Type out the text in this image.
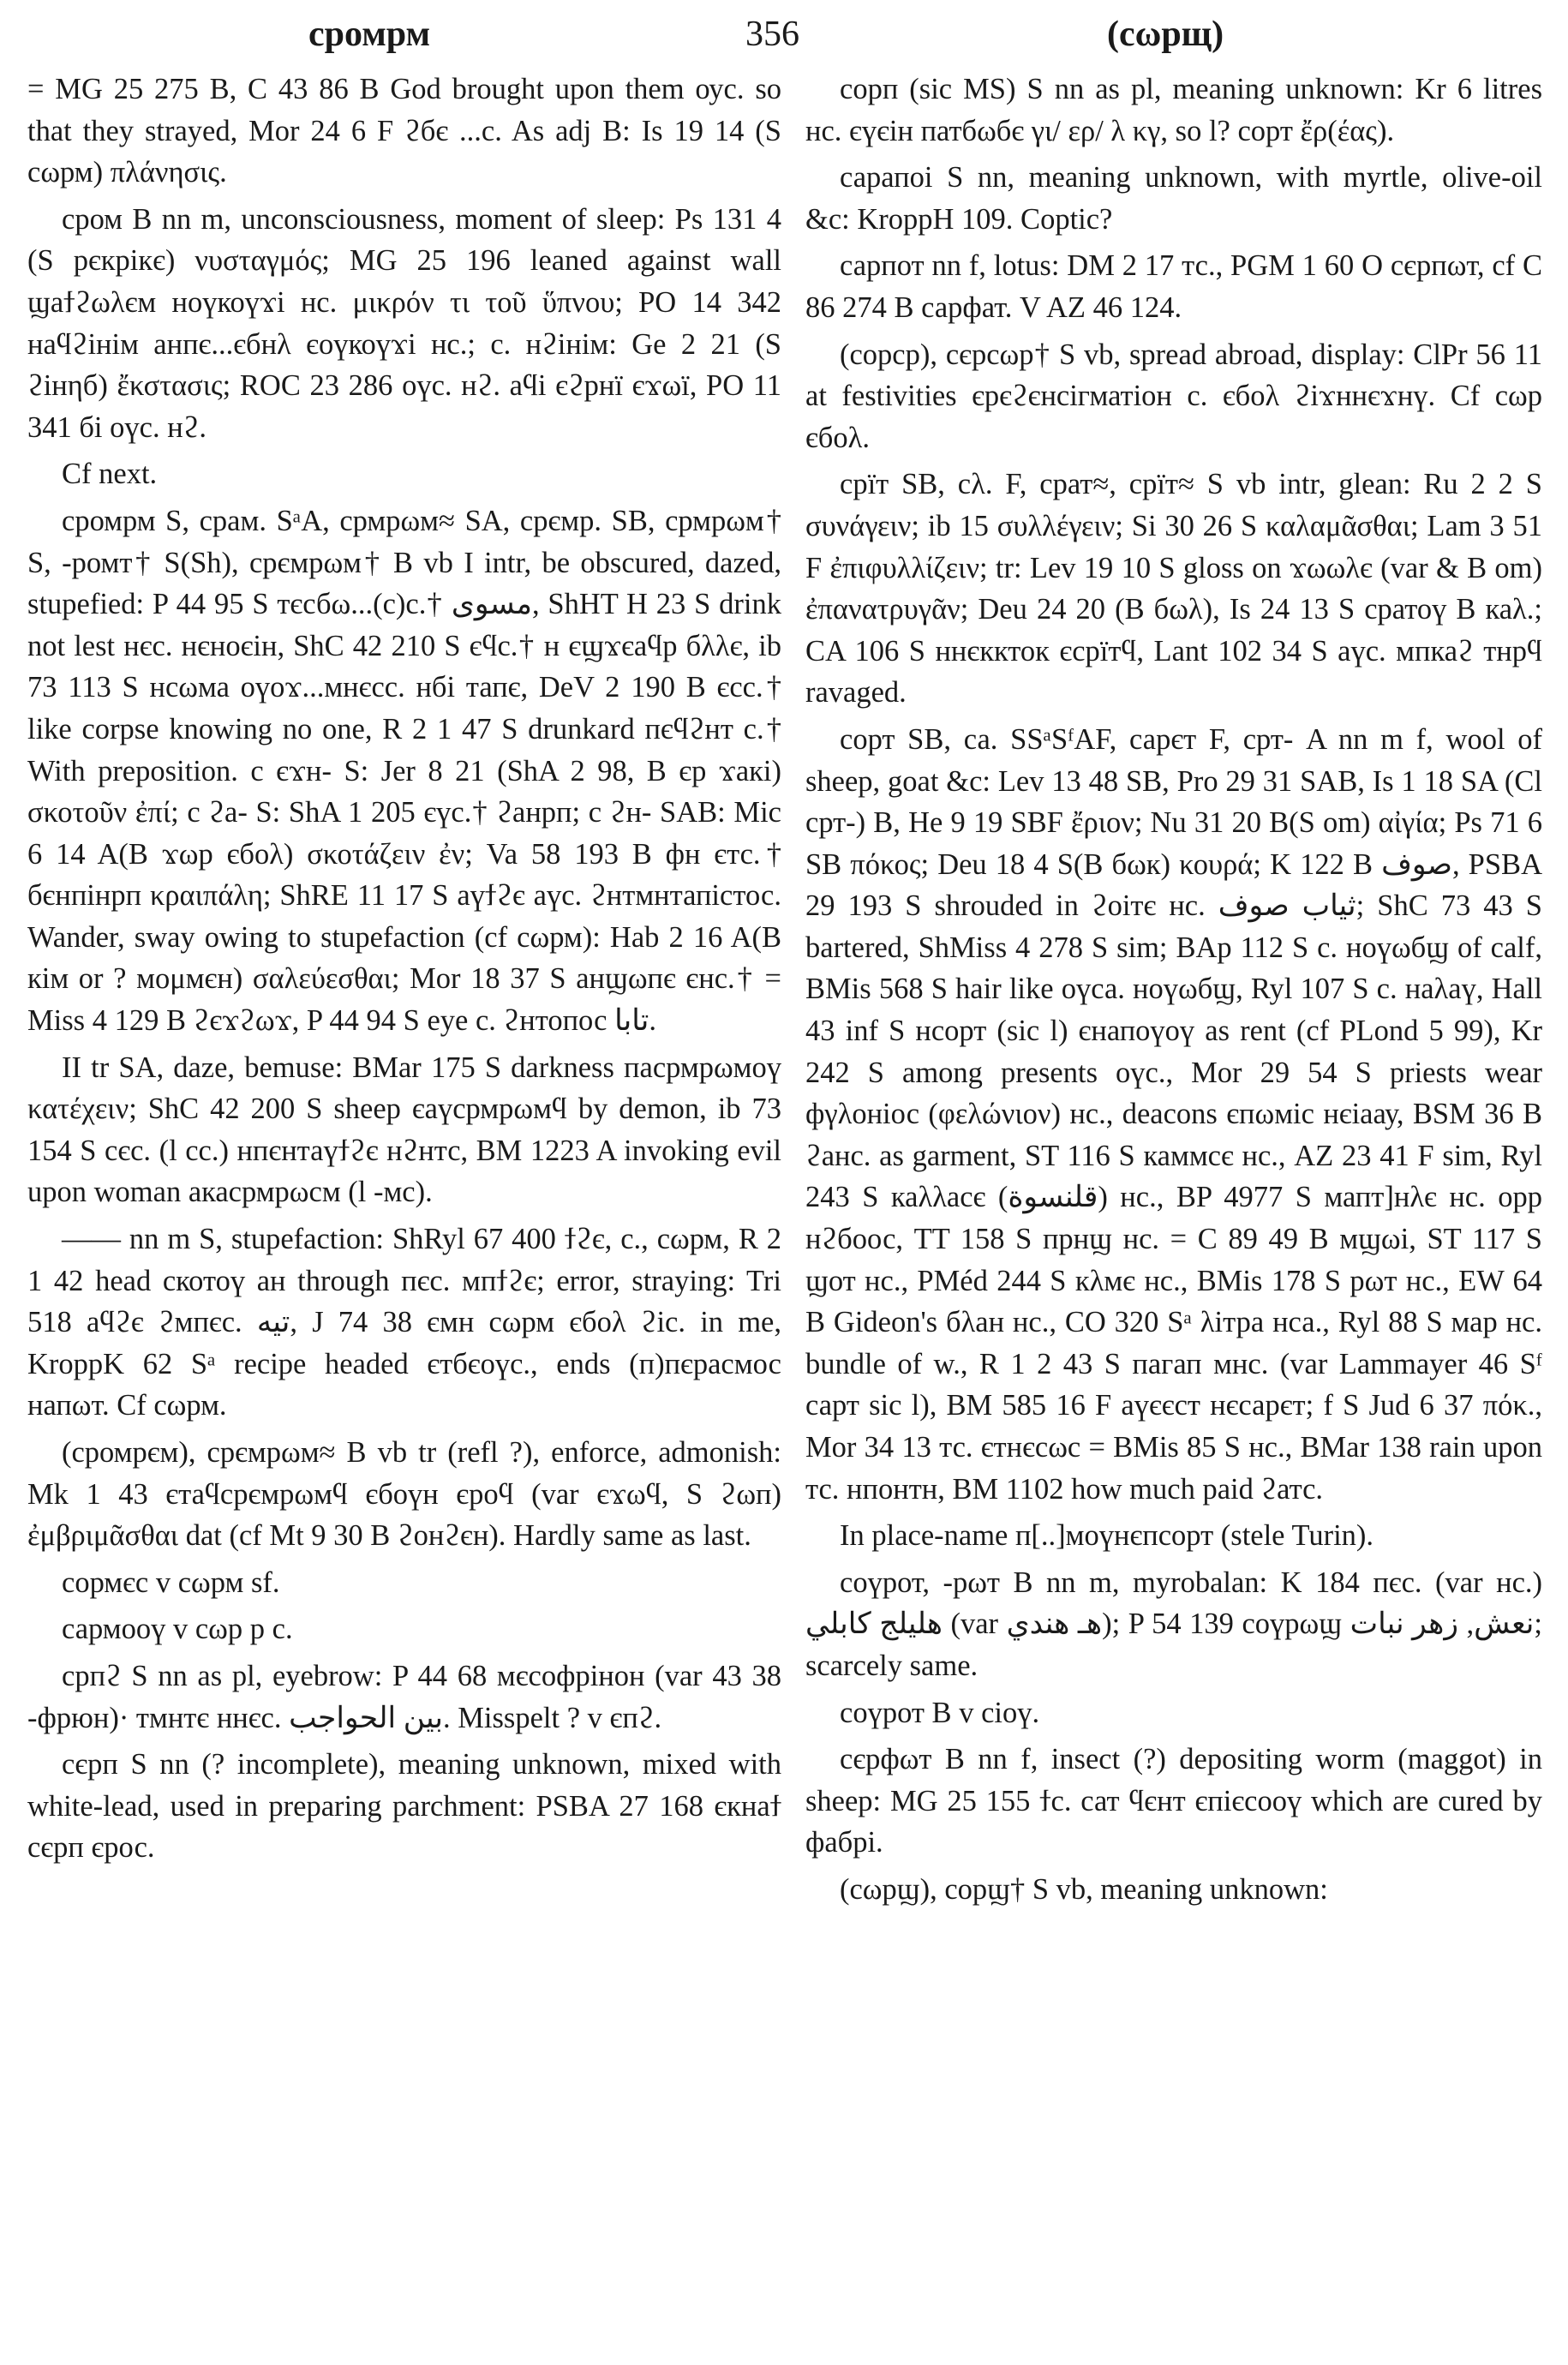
сромрм	356	(сωрщ)

= MG 25 275 B, C 43 86 B God brought upon them оус. so that they strayed, Mor 24 6 F ϩбє ...c. As adj B: Is 19 14 (S сωрм) πλάνησις.

сром B nn m, unconsciousness, moment of sleep: Ps 131 4 (S рєкрікє) νυσταγμός; MG 25 196 leaned against wall ϣаϯϩωλєм ноүкоүϫі нс. μικρόν τι τοῦ ὕπνου; PO 14 342 наϥϩінім анпє...єбнλ єоүкоүϫі нс.; c. нϩінім: Ge 2 21 (S ϩінηб) ἔκστασις; ROC 23 286 оүс. нϩ. аϥі єϩрнї єϫωї, PO 11 341 бі оүс. нϩ.

Cf next.

сромрм S, срам. SᵃA, срмрωм≈ SA, срємр. SB, срмрωм† S, -ромт† S(Sh), срємрωм† B vb I intr, be obscured, dazed, stupefied: P 44 95 S тєсбω...(c)c.† مسوى, ShHT H 23 S drink not lest нєс. нєноєін, ShC 42 210 S єϥс.† н єϣϫєаϥр бλλє, ib 73 113 S нсωма оүоϫ...мнєсс. нбі тапє, DeV 2 190 B єсс.† like corpse knowing no one, R 2 1 47 S drunkard пєϥϩнт c.† With preposition. c єϫн- S: Jer 8 21 (ShA 2 98, B єр ϫакі) σκοτοῦν ἐπί; c ϩа- S: ShA 1 205 єүс.† ϩанрп; c ϩн- SAB: Mic 6 14 A(B ϫωр єбоλ) σκοτάζειν ἐν; Va 58 193 B фн єтс.† бєнпінрп κραιπάλη; ShRE 11 17 S аүϯϩє аүс. ϩнтмнтапістос. Wander, sway owing to stupefaction (cf сωрм): Hab 2 16 A(B кім or ? мομмєн) σαλεύεσθαι; Mor 18 37 S анϣωпє єнс.† = Miss 4 129 B ϩєϫϩωϫ, P 44 94 S eye c. ϩнтопос تابا.

II tr SA, daze, bemuse: BMar 175 S darkness пасрмрωмоү κατέχειν; ShC 42 200 S sheep єаүсрмрωмϥ by demon, ib 73 154 S сєс. (l сс.) нпєнтаүϯϩє нϩнтс, BM 1223 A invoking evil upon woman акасрмрωсм (l -мс).

—— nn m S, stupefaction: ShRyl 67 400 ϯϩє, c., сωрм, R 2 1 42 head скотоү ан through пєс. мпϯϩє; error, straying: Tri 518 аϥϩє ϩмпєс. تيه, J 74 38 ємн сωрм єбоλ ϩіс. in me, KroppK 62 Sᵃ recipe headed єтбєоүс., ends (п)пєрасмос напωт. Cf сωрм.

(сромрєм), срємрωм≈ B vb tr (refl ?), enforce, admonish: Mk 1 43 єтаϥсрємрωмϥ єбоүн єроϥ (var єϫωϥ, S ϩωп) ἐμβριμᾶσθαι dat (cf Mt 9 30 B ϩонϩєн). Hardly same as last.

сормєс v сωрм sf.

сармооү v сωр p c.

српϩ S nn as pl, eyebrow: P 44 68 мєсофрінон (var 43 38 -фрюн)· тмнтє ннєс. بين الحواجب. Misspelt ? v єпϩ.

сєрп S nn (? incomplete), meaning unknown, mixed with white-lead, used in preparing parchment: PSBA 27 168 єкнаϯ сєрп єрос.

сорп (sic MS) S nn as pl, meaning unknown: Kr 6 litres нс. єүєін патбωбє γι/ ερ/ λ κγ, so l? сорт ἔρ(έας).

сарапоі S nn, meaning unknown, with myrtle, olive-oil &c: KroppH 109. Coptic?

сарпот nn f, lotus: DM 2 17 тс., PGM 1 60 O сєрпωт, cf C 86 274 B сарфат. V AZ 46 124.

(сорср), сєрсωр† S vb, spread abroad, display: ClPr 56 11 at festivities єрєϩєнсігматіон c. єбоλ ϩіϫннєϫнү. Cf сωр єбоλ.

срїт SB, сλ. F, срат≈, срїт≈ S vb intr, glean: Ru 2 2 S συνάγειν; ib 15 συλλέγειν; Si 30 26 S καλαμᾶσθαι; Lam 3 51 F ἐπιφυλλίζειν; tr: Lev 19 10 S gloss on ϫωωλє (var & B om) ἐπανατρυγᾶν; Deu 24 20 (B бωλ), Is 24 13 S сратоү B каλ.; CA 106 S ннєккток єсрїтϥ, Lant 102 34 S аүс. мпкаϩ тнрϥ ravaged.

сорт SB, са. SSᵃSᶠAF, сарєт F, срт- A nn m f, wool of sheep, goat &c: Lev 13 48 SB, Pro 29 31 SAB, Is 1 18 SA (Cl срт-) B, He 9 19 SBF ἔριον; Nu 31 20 B(S om) αἰγία; Ps 71 6 SB πόκος; Deu 18 4 S(B бωк) κουρά; K 122 B صوف, PSBA 29 193 S shrouded in ϩоітє нс. ثياب صوف; ShC 73 43 S bartered, ShMiss 4 278 S sim; BAp 112 S c. ноүωбϣ of calf, BMis 568 S hair like оүса. ноүωбϣ, Ryl 107 S c. наλаү, Hall 43 inf S нсорт (sic l) єнапоүоү as rent (cf PLond 5 99), Kr 242 S among presents оүс., Mor 29 54 S priests wear фγλоніос (φελώνιον) нс., deacons єпωміс нєіаау, BSM 36 B ϩанс. as garment, ST 116 S каммсє нс., AZ 23 41 F sim, Ryl 243 S каλλасє (قلنسوة) нс., BP 4977 S мапт]нλє нс. opp нϩбоос, TT 158 S прнϣ нс. = C 89 49 B мϣωі, ST 117 S ϣот нс., PMéd 244 S кλмє нс., BMis 178 S рωт нс., EW 64 B Gideon's бλан нс., CO 320 Sᵃ λітра нса., Ryl 88 S мар нс. bundle of w., R 1 2 43 S пагап мнс. (var Lammayer 46 Sᶠ сарт sic l), BM 585 16 F аүєєст нєсарєт; f S Jud 6 37 πόκ., Mor 34 13 тс. єтнєсωс = BMis 85 S нс., BMar 138 rain upon тс. нпонтн, BM 1102 how much paid ϩатс.

In place-name п[..]моүнєпсорт (stele Turin).

соүрот, -рωт B nn m, myrobalan: K 184 пєс. (var нс.) هليلج كابلي (var هـ هندي); P 54 139 соүрωϣ نعش, زهر نبات; scarcely same.

соүрот B v сіоү.

сєрфωт B nn f, insect (?) depositing worm (maggot) in sheep: MG 25 155 ϯс. сат ϥєнт єпієсооү which are cured by фабрі.

(сωрϣ), сорϣ† S vb, meaning unknown:
